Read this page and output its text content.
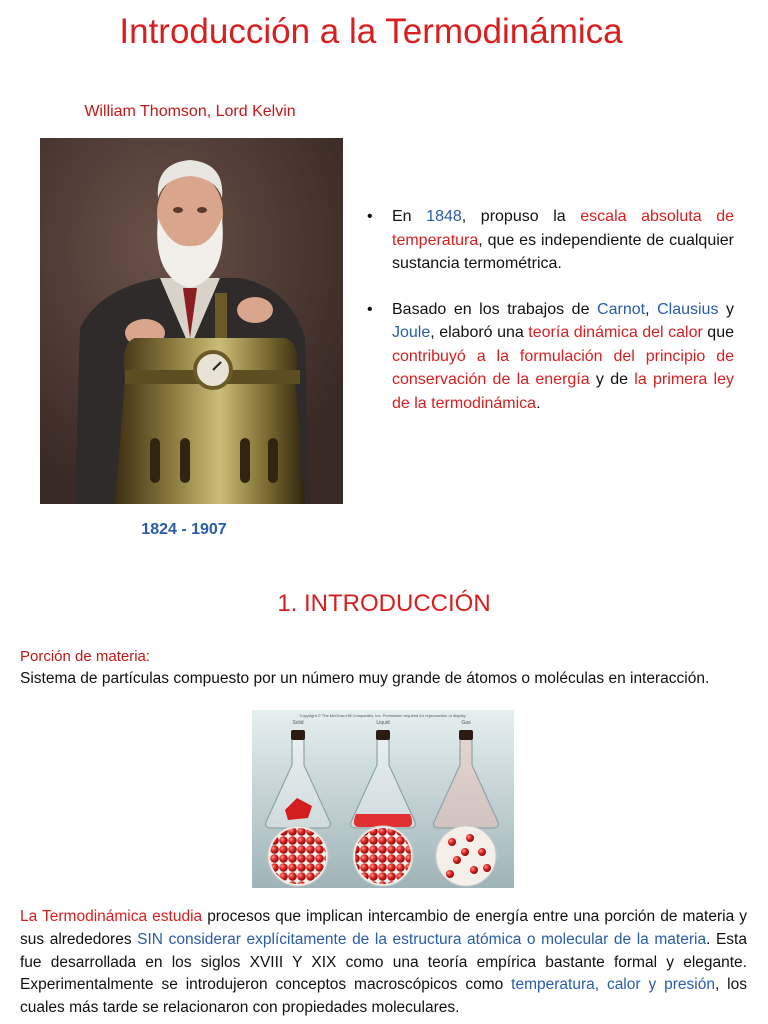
Introducción a la Termodinámica
William Thomson, Lord Kelvin
1824 - 1907
• En 1848, propuso la escala absoluta de temperatura, que es independiente de cualquier sustancia termométrica.
• Basado en los trabajos de Carnot, Clausius y Joule, elaboró una teoría dinámica del calor que contribuyó a la formulación del principio de conservación de la energía y de la primera ley de la termodinámica.
1. INTRODUCCIÓN
Porción de materia:
Sistema de partículas compuesto por un número muy grande de átomos o moléculas en interacción.
Copyright © The McGraw-Hill Companies, Inc. Permission required for reproduction or display.
Solid	Liquid	Gas

La Termodinámica estudia procesos que implican intercambio de energía entre una porción de materia y sus alrededores SIN considerar explícitamente de la estructura atómica o molecular de la materia. Esta fue desarrollada en los siglos XVIII Y XIX como una teoría empírica bastante formal y elegante. Experimentalmente se introdujeron conceptos macroscópicos como temperatura, calor y presión, los cuales más tarde se relacionaron con propiedades moleculares.
